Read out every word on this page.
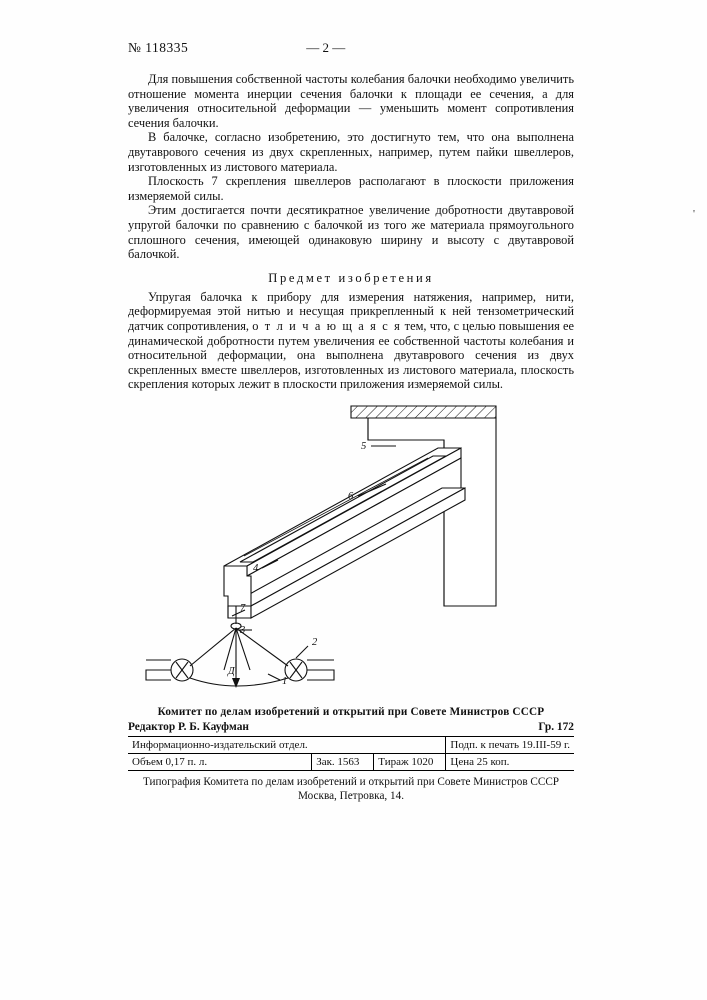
№ 118335	— 2 —

Для повышения собственной частоты колебания балочки необходимо увеличить отношение момента инерции сечения балочки к площади ее сечения, а для увеличения относительной деформации — уменьшить момент сопротивления сечения балочки.

В балочке, согласно изобретению, это достигнуто тем, что она выполнена двутаврового сечения из двух скрепленных, например, путем пайки швеллеров, изготовленных из листового материала.

Плоскость 7 скрепления швеллеров располагают в плоскости приложения измеряемой силы.

Этим достигается почти десятикратное увеличение добротности двутавровой упругой балочки по сравнению с балочкой из того же материала прямоугольного сплошного сечения, имеющей одинаковую ширину и высоту с двутавровой балочкой.

Предмет изобретения

Упругая балочка к прибору для измерения натяжения, например, нити, деформируемая этой нитью и несущая прикрепленный к ней тензометрический датчик сопротивления, о т л и ч а ю щ а я с я тем, что, с целью повышения ее динамической добротности путем увеличения ее собственной частоты колебания и относительной деформации, она выполнена двутаврового сечения из двух скрепленных вместе швеллеров, изготовленных из листового материала, плоскость скрепления которых лежит в плоскости приложения измеряемой силы.

'
5
6
4
7
3
2
1
Д
Комитет по делам изобретений и открытий при Совете Министров СССР
Редактор Р. Б. Кауфман	Гр. 172
Информационно-издательский отдел.			Подп. к печать 19.III-59 г.
Объем 0,17 п. л.	Зак. 1563	Тираж 1020	Цена 25 коп.
Типография Комитета по делам изобретений и открытий при Совете Министров СССР
Москва, Петровка, 14.
